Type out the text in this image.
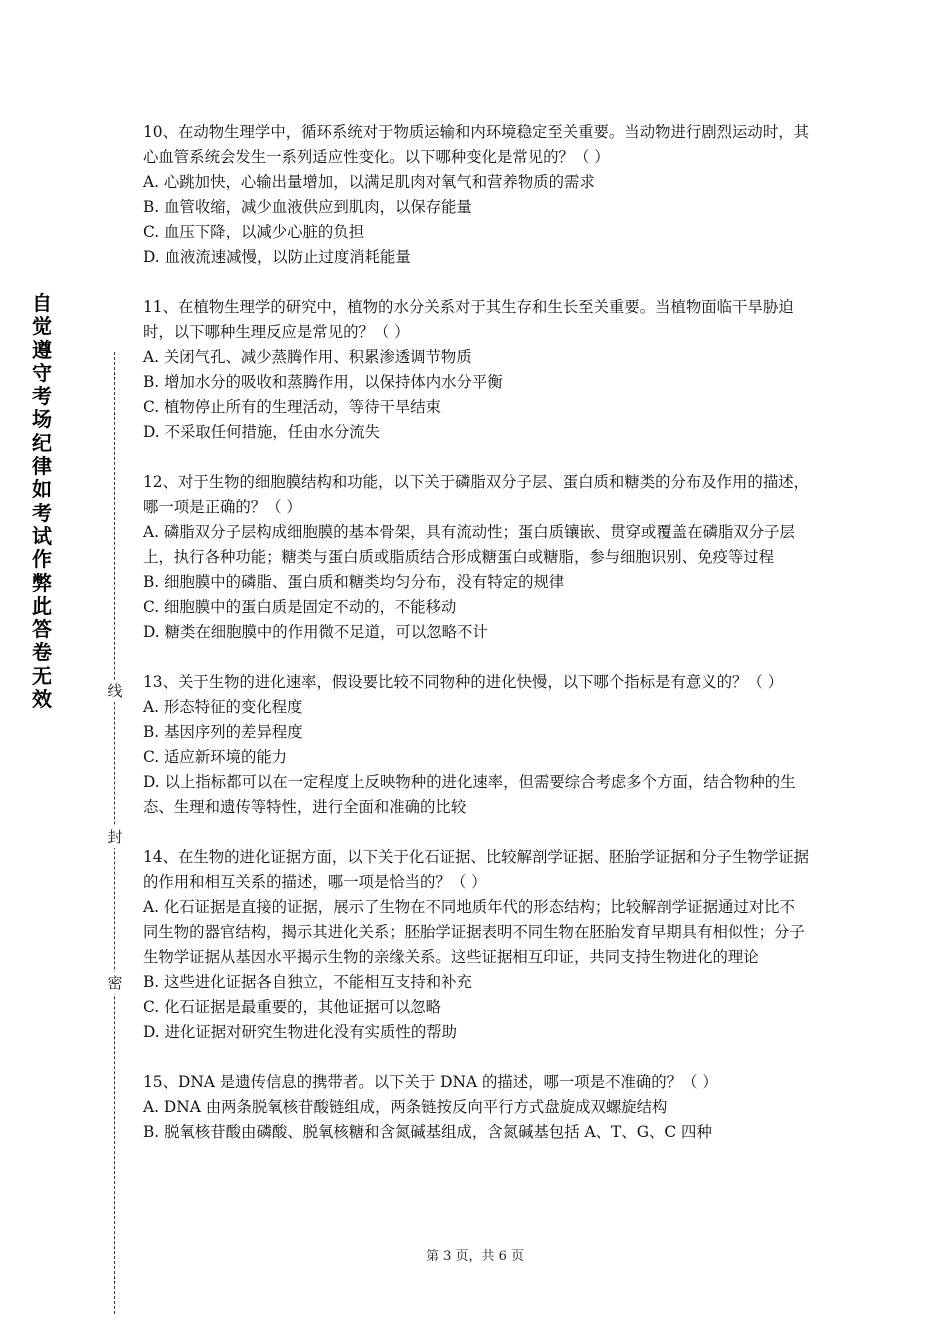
自觉遵守考场纪律如考试作弊此答卷无效	线
封
密

10、在动物生理学中，循环系统对于物质运输和内环境稳定至关重要。当动物进行剧烈运动时，其心血管系统会发生一系列适应性变化。以下哪种变化是常见的？（ ）

A. 心跳加快，心输出量增加，以满足肌肉对氧气和营养物质的需求

B. 血管收缩，减少血液供应到肌肉，以保存能量

C. 血压下降，以减少心脏的负担

D. 血液流速减慢，以防止过度消耗能量

11、在植物生理学的研究中，植物的水分关系对于其生存和生长至关重要。当植物面临干旱胁迫时，以下哪种生理反应是常见的？（ ）

A. 关闭气孔、减少蒸腾作用、积累渗透调节物质

B. 增加水分的吸收和蒸腾作用，以保持体内水分平衡

C. 植物停止所有的生理活动，等待干旱结束

D. 不采取任何措施，任由水分流失

12、对于生物的细胞膜结构和功能，以下关于磷脂双分子层、蛋白质和糖类的分布及作用的描述，哪一项是正确的？（ ）

A. 磷脂双分子层构成细胞膜的基本骨架，具有流动性；蛋白质镶嵌、贯穿或覆盖在磷脂双分子层上，执行各种功能；糖类与蛋白质或脂质结合形成糖蛋白或糖脂，参与细胞识别、免疫等过程

B. 细胞膜中的磷脂、蛋白质和糖类均匀分布，没有特定的规律

C. 细胞膜中的蛋白质是固定不动的，不能移动

D. 糖类在细胞膜中的作用微不足道，可以忽略不计

13、关于生物的进化速率，假设要比较不同物种的进化快慢，以下哪个指标是有意义的？（ ）

A. 形态特征的变化程度

B. 基因序列的差异程度

C. 适应新环境的能力

D. 以上指标都可以在一定程度上反映物种的进化速率，但需要综合考虑多个方面，结合物种的生态、生理和遗传等特性，进行全面和准确的比较

14、在生物的进化证据方面，以下关于化石证据、比较解剖学证据、胚胎学证据和分子生物学证据的作用和相互关系的描述，哪一项是恰当的？（ ）

A. 化石证据是直接的证据，展示了生物在不同地质年代的形态结构；比较解剖学证据通过对比不同生物的器官结构，揭示其进化关系；胚胎学证据表明不同生物在胚胎发育早期具有相似性；分子生物学证据从基因水平揭示生物的亲缘关系。这些证据相互印证，共同支持生物进化的理论

B. 这些进化证据各自独立，不能相互支持和补充

C. 化石证据是最重要的，其他证据可以忽略

D. 进化证据对研究生物进化没有实质性的帮助

15、DNA 是遗传信息的携带者。以下关于 DNA 的描述，哪一项是不准确的？（ ）

A. DNA 由两条脱氧核苷酸链组成，两条链按反向平行方式盘旋成双螺旋结构

B. 脱氧核苷酸由磷酸、脱氧核糖和含氮碱基组成，含氮碱基包括 A、T、G、C 四种

第 3 页，共 6 页
